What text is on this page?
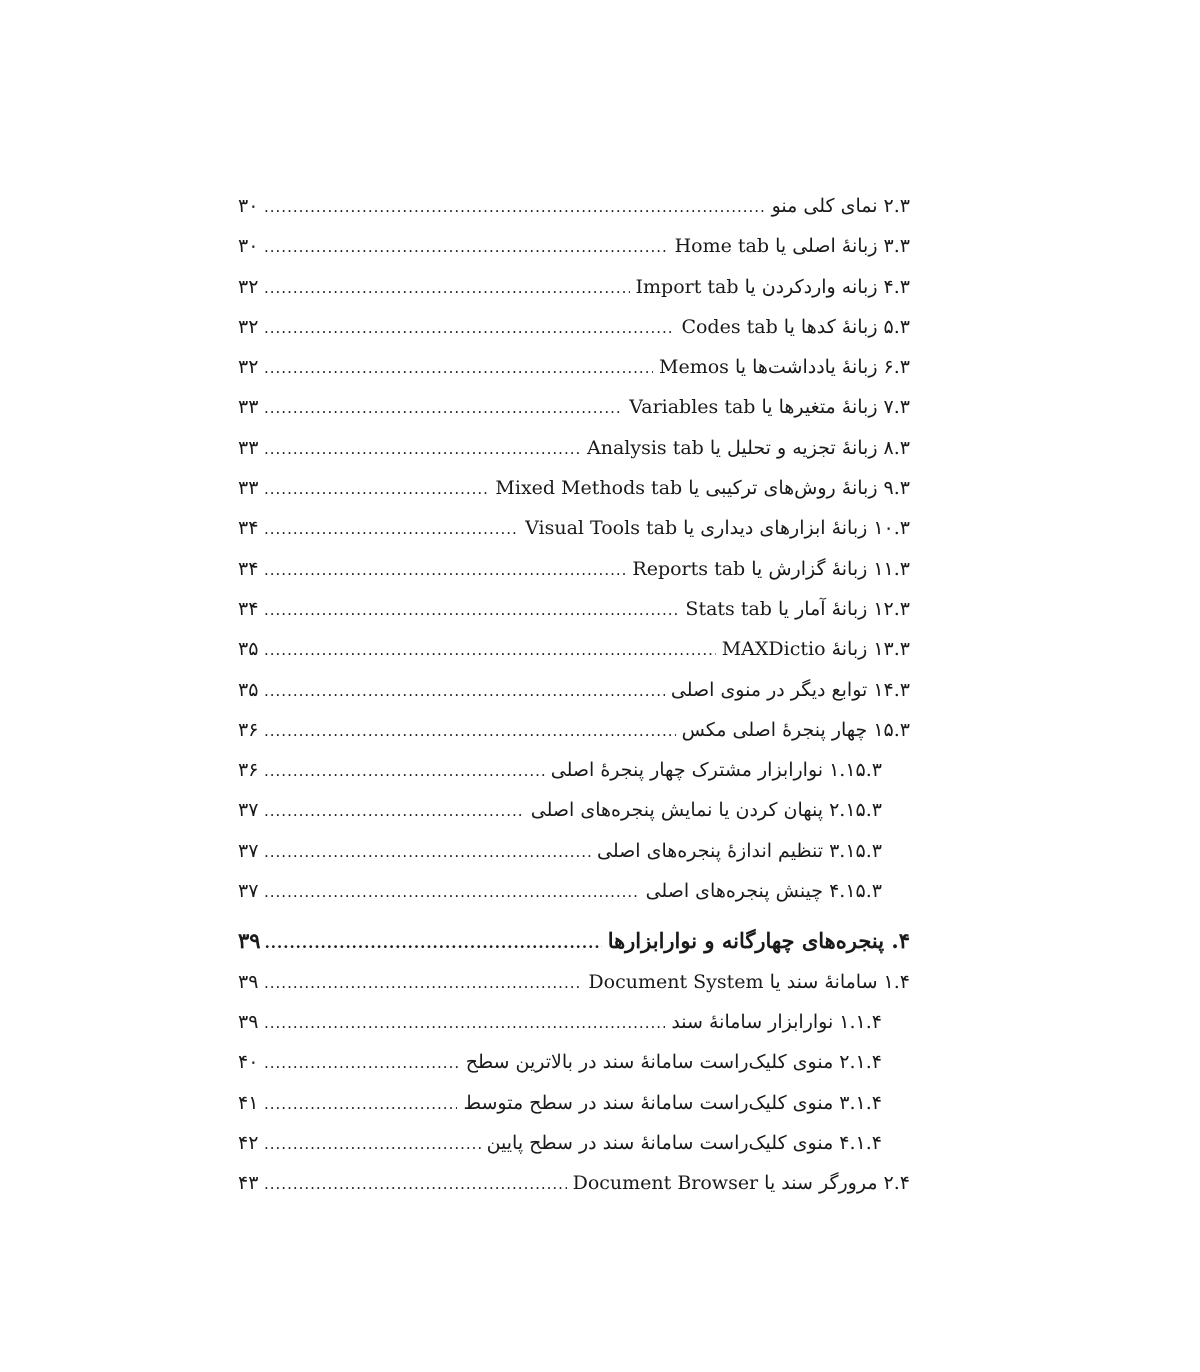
۲.۳ نمای کلی منو
.....
۳۰
۳.۳ زبانهٔ اصلی یا Home tab
.....
۳۰
۴.۳ زبانه واردکردن یا Import tab
.....
۳۲
۵.۳ زبانهٔ کدها یا Codes tab
.....
۳۲
۶.۳ زبانهٔ یادداشت‌ها یا Memos
.....
۳۲
۷.۳ زبانهٔ متغیرها یا Variables tab
.....
۳۳
۸.۳ زبانهٔ تجزیه و تحلیل یا Analysis tab
.....
۳۳
۹.۳ زبانهٔ روش‌های ترکیبی یا Mixed Methods tab
.....
۳۳
۱۰.۳ زبانهٔ ابزارهای دیداری یا Visual Tools tab
.....
۳۴
۱۱.۳ زبانهٔ گزارش یا Reports tab
.....
۳۴
۱۲.۳ زبانهٔ آمار یا Stats tab
.....
۳۴
۱۳.۳ زبانهٔ MAXDictio
.....
۳۵
۱۴.۳ توابع دیگر در منوی اصلی
.....
۳۵
۱۵.۳ چهار پنجرهٔ اصلی مکس
.....
۳۶
۱.۱۵.۳ نوارابزار مشترک چهار پنجرهٔ اصلی
.....
۳۶
۲.۱۵.۳ پنهان کردن یا نمایش پنجره‌های اصلی
.....
۳۷
۳.۱۵.۳ تنظیم اندازهٔ پنجره‌های اصلی
.....
۳۷
۴.۱۵.۳ چینش پنجره‌های اصلی
.....
۳۷
۴. پنجره‌های چهارگانه و نوارابزارها
.....
۳۹
۱.۴ سامانهٔ سند یا Document System
.....
۳۹
۱.۱.۴ نوارابزار سامانهٔ سند
.....
۳۹
۲.۱.۴ منوی کلیک‌راست سامانهٔ سند در بالاترین سطح
.....
۴۰
۳.۱.۴ منوی کلیک‌راست سامانهٔ سند در سطح متوسط
.....
۴۱
۴.۱.۴ منوی کلیک‌راست سامانهٔ سند در سطح پایین
.....
۴۲
۲.۴ مرورگر سند یا Document Browser
.....
۴۳
